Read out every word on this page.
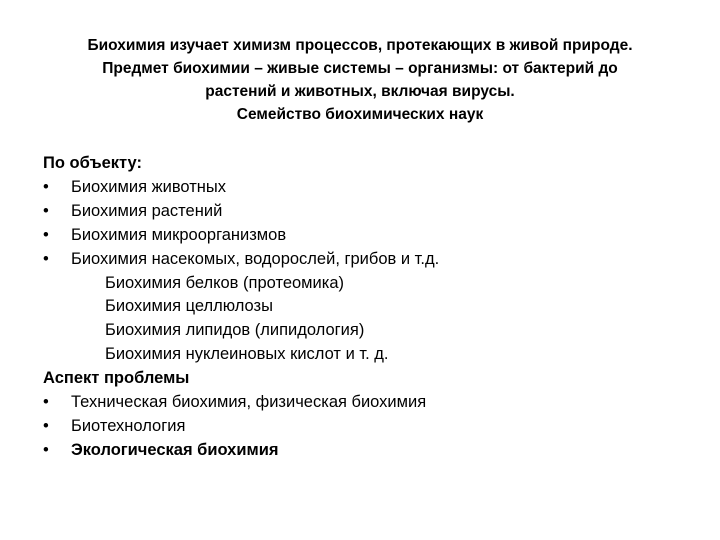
Биохимия изучает химизм процессов, протекающих в живой природе.
Предмет биохимии – живые системы – организмы: от бактерий до
растений и животных, включая вирусы.
Семейство биохимических наук
По объекту:
• Биохимия животных
• Биохимия растений
• Биохимия микроорганизмов
• Биохимия насекомых, водорослей, грибов и т.д.
Биохимия белков (протеомика)
Биохимия целлюлозы
Биохимия липидов (липидология)
Биохимия нуклеиновых кислот и т. д.
Аспект проблемы
• Техническая биохимия, физическая биохимия
• Биотехнология
• Экологическая биохимия
